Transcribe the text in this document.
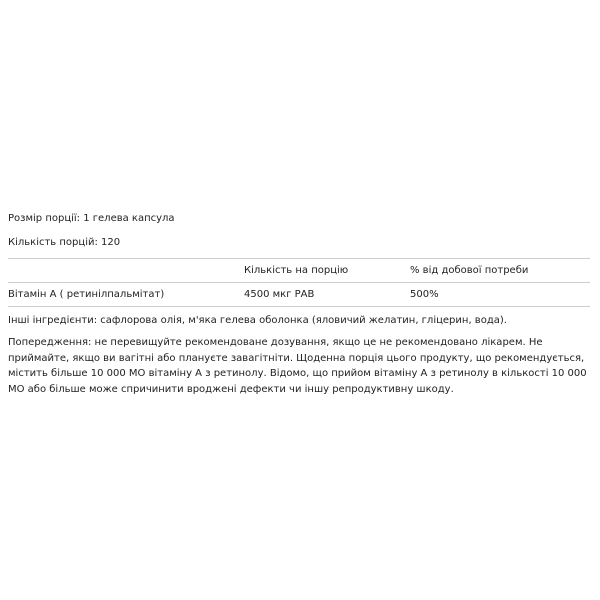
Розмір порції: 1 гелева капсула
Кількість порцій: 120
	Кількість на порцію	% від добової потреби
Вітамін A ( ретинілпальмітат)	4500 мкг РАВ	500%
Інші інгредієнти: сафлорова олія, м'яка гелева оболонка (яловичий желатин, гліцерин, вода).
Попередження: не перевищуйте рекомендоване дозування, якщо це не рекомендовано лікарем. Не приймайте, якщо ви вагітні або плануєте завагітніти. Щоденна порція цього продукту, що рекомендується, містить більше 10 000 МО вітаміну А з ретинолу. Відомо, що прийом вітаміну А з ретинолу в кількості 10 000 МО або більше може спричинити вроджені дефекти чи іншу репродуктивну шкоду.
